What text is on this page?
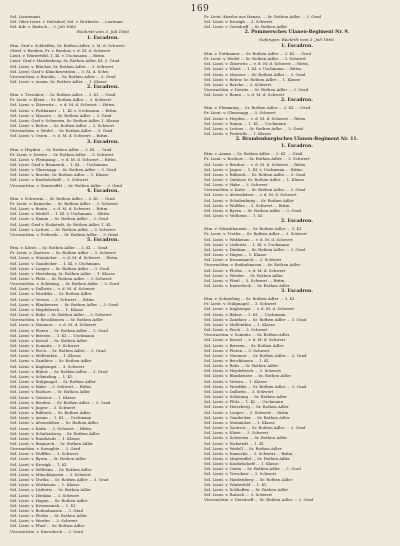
169
Sel. Lieutenant
Sel. Ober-Lieut. v. Dielsdorf, Sel. v. Horkeritz ... Leutnant
Sel. Kdr. v. Ratisch ... 3. Juli 1866
Rückritt vom 3. Juli 1866
1. Escadron.
Rtm. Graf v. Schlieffen, Sr. Rothen Adler. 3. M. d. Schwert.
Oberl. v. Bredow, Pr. v. Bredow, v. d. M. d. Schwert.
Lieut. v. Winterfeld, 1. Kl. v. Uschmann ... Rittm.
Lieut. Graf v. Hardenberg, Sr. Rothen Adler, Kl. 3. Grad
Sel. Lieut. v. Blücher, Sr. Rothen Adler ... 3. Schwert
Sel. Lieut. Graf v. Klinckowström ... 3. M. d. Schw.
Vicewachtm. v. Borcke, ... Sr. Rothen Adler ... 3. Grad
Sel. Lieut. v. Arnim, Sr. Rothen Adler ... 1. Klasse
2. Escadron.
Rtm. v. Tresckow ... Sr. Rothen Adler ... 3. Kl. ... Grad
Pr. Lieut. v. Kleist ... Sr. Rothen Adler ... 3. Schwert
Sel. Lieut. v. Zitzewitz ... v. d. M. d. Schwert ... Rittm.
Sel. Lieut. v. Puttkamer ... 1. Kl. v. Uschmann ... Rittm.
Sel. Lieut. v. Massow ... Sr. Rothen Adler ... 3. Grad
Sel. Lieut. Graf v. Schwerin, Sr. Rothen Adler, 1. Klasse
Sel. Lieut. v. Below ... Sr. Rothen Adler ... 3. Schwert
Vicewachtm. v. Wedel ... Sr. Rothen Adler ... 3. Grad
Sel. Lieut. v. Osten ... v. d. M. d. Schwert ... Rittm.
3. Escadron.
Rtm. v. Heyden ... Sr. Rothen Adler ... 3. Kl. ... Grad
Pr. Lieut. v. Dewitz ... Sr. Rothen Adler ... 3. Schwert
Sel. Lieut. v. Flemming ... v. d. M. d. Schwert ... Rittm.
Sel. Lieut. Graf v. Bismarck ... 1. Kl. ... Uschmann
Sel. Lieut. v. Glasenapp ... Sr. Rothen Adler ... 3. Grad
Sel. Lieut. v. Borcke, Sr. Rothen Adler ... 1. Klasse
Sel. Lieut. v. Knobelsdorff ... 3. Schwert
Vicewachtm. v. Manteuffel ... Sr. Rothen Adler ... 3. Grad
4. Escadron.
Rtm. v. Schwerin ... Sr. Rothen Adler ... 3. Kl. ... Grad
Pr. Lieut. v. Kamecke ... Sr. Rothen Adler ... 3. Schwert
Sel. Lieut. v. Bonin ... v. d. M. d. Schwert ... Rittm.
Sel. Lieut. v. Wedell ... 1. Kl. v. Uschmann ... Rittm.
Sel. Lieut. v. Ramin ... Sr. Rothen Adler ... 3. Grad
Sel. Lieut. Graf v. Eickstedt, Sr. Rothen Adler, 1. Kl.
Sel. Lieut. v. Lettow ... Sr. Rothen Adler ... 3. Schwert
Vicewachtm. v. Podewils ... Sr. Rothen Adler ... 3. Grad
5. Escadron.
Rtm. v. Kleist ... Sr. Rothen Adler ... 3. Kl. ... Grad
Pr. Lieut. v. Zastrow ... Sr. Rothen Adler ... 3. Schwert
Sel. Lieut. v. Steinäcker ... v. d. M. d. Schwert ... Rittm.
Sel. Lieut. v. Gaudecker ... 1. Kl. v. Uschmann
Sel. Lieut. v. Loeper ... Sr. Rothen Adler ... 3. Grad
Sel. Lieut. v. Hertzberg, Sr. Rothen Adler ... 1. Klasse
Sel. Lieut. v. Plötz ... Sr. Rothen Adler ... 3. Schwert
Vicewachtm. v. Schöning ... Sr. Rothen Adler ... 3. Grad
Sel. Lieut. v. Dallwitz ... v. d. M. d. Schwert
Sel. Lieut. v. Woedtke ... Sr. Rothen Adler
Sel. Lieut. v. Versen ... 3. Schwert ... Rittm.
Sel. Lieut. v. Blankensee ... Sr. Rothen Adler ... 3. Grad
Sel. Lieut. v. Heydebreck ... 1. Klasse
Sel. Lieut. v. Rohr ... Sr. Rothen Adler ... 3. Schwert
Vicewachtm. v. Brockhusen ... Sr. Rothen Adler
Sel. Lieut. v. Natzmer ... v. d. M. d. Schwert
Sel. Lieut. v. Platen ... Sr. Rothen Adler ... 3. Grad
Sel. Lieut. v. Briesen ... 1. Kl. ... Uschmann
Sel. Lieut. v. Kessel ... Sr. Rothen Adler
Sel. Lieut. v. Somnitz ... 3. Schwert
Sel. Lieut. v. Pirch ... Sr. Rothen Adler ... 3. Grad
Sel. Lieut. v. Mellenthin ... 1. Klasse
Sel. Lieut. v. Zanthier ... Sr. Rothen Adler
Sel. Lieut. v. Kaphengst ... 3. Schwert
Sel. Lieut. v. Bülow ... Sr. Rothen Adler ... 3. Grad
Sel. Lieut. v. Schmeling ... 1. Kl.
Sel. Lieut. v. Stülpnagel ... Sr. Rothen Adler
Sel. Lieut. v. Hake ... 3. Schwert ... Rittm.
Sel. Lieut. v. Rochow ... Sr. Rothen Adler
Sel. Lieut. v. Quitzow ... 1. Klasse
Sel. Lieut. v. Bredow ... Sr. Rothen Adler ... 3. Grad
Sel. Lieut. v. Jagow ... 3. Schwert
Sel. Lieut. v. Ribbeck ... Sr. Rothen Adler
Sel. Lieut. v. Arnim ... 1. Kl. ... Uschmann
Sel. Lieut. v. Alvensleben ... Sr. Rothen Adler
Sel. Lieut. v. Katte ... 3. Schwert ... Rittm.
Sel. Lieut. v. Schulenburg ... Sr. Rothen Adler
Sel. Lieut. v. Rundstedt ... 1. Klasse
Sel. Lieut. v. Bismarck ... Sr. Rothen Adler
Vicewachtm. v. Itzenplitz ... 3. Grad
Sel. Lieut. v. Wulffen ... 3. Schwert
Sel. Lieut. v. Byern ... Sr. Rothen Adler
Sel. Lieut. v. Krosigk ... 1. Kl.
Sel. Lieut. v. Veltheim ... Sr. Rothen Adler
Sel. Lieut. v. Münchhausen ... 3. Schwert
Sel. Lieut. v. Trotha ... Sr. Rothen Adler ... 3. Grad
Sel. Lieut. v. Wuthenau ... 1. Klasse
Sel. Lieut. v. Lüderitz ... Sr. Rothen Adler
Sel. Lieut. v. Dieskau ... 3. Schwert
Sel. Lieut. v. Hagen ... Sr. Rothen Adler
Sel. Lieut. v. Krusemarck ... 1. Kl.
Sel. Lieut. v. Bodenhausen ... 3. Grad
Sel. Lieut. v. Plotho ... Sr. Rothen Adler
Sel. Lieut. v. Werder ... 3. Schwert
Sel. Lieut. v. Pfuel ... Sr. Rothen Adler
Vicewachtm. v. Knesebeck ... 3. Grad
Pr. Lieut. Kessler aus Hanau, ... Sr. Rothen Adler ... 3. Grad
Sel. Lieut. v. Krosigk ... 3. Schwert
Sel. Lieut. v. Gersdorff ... Sr. Rothen Adler
2. Pommersches Ulanen-Regiment Nr. 9.
Gefangen: Rückritt vom 3. Juli 1866.
1. Escadron.
Rtm. v. Puttkamer ... Sr. Rothen Adler ... 3. Kl. ... Grad
Pr. Lieut. v. Wedel ... Sr. Rothen Adler ... 3. Schwert
Sel. Lieut. v. Zitzewitz ... v. d. M. d. Schwert ... Rittm.
Sel. Lieut. v. Kleist ... 1. Kl. v. Uschmann ... Rittm.
Sel. Lieut. v. Massow ... Sr. Rothen Adler ... 3. Grad
Sel. Lieut. v. Below, Sr. Rothen Adler ... 1. Klasse
Sel. Lieut. v. Borcke ... 3. Schwert
Vicewachtm. v. Dewitz ... Sr. Rothen Adler ... 3. Grad
Sel. Lieut. v. Bonin ... v. d. M. d. Schwert
2. Escadron.
Rtm. v. Flemming ... Sr. Rothen Adler ... 3. Kl. ... Grad
Pr. Lieut. v. Glasenapp ... 3. Schwert
Sel. Lieut. v. Heyden ... v. d. M. d. Schwert ... Rittm.
Sel. Lieut. v. Ramin ... 1. Kl. ... Uschmann
Sel. Lieut. v. Lettow ... Sr. Rothen Adler ... 3. Grad
Sel. Lieut. v. Podewils ... 1. Klasse
2. Brandenburgisches Ulanen-Regiment Nr. 11.
1. Escadron.
Rtm. v. Arnim ... Sr. Rothen Adler ... 3. Kl. ... Grad
Pr. Lieut. v. Rochow ... Sr. Rothen Adler ... 3. Schwert
Sel. Lieut. v. Bredow ... v. d. M. d. Schwert ... Rittm.
Sel. Lieut. v. Jagow ... 1. Kl. v. Uschmann ... Rittm.
Sel. Lieut. v. Ribbeck ... Sr. Rothen Adler ... 3. Grad
Sel. Lieut. v. Quitzow, Sr. Rothen Adler ... 1. Klasse
Sel. Lieut. v. Hake ... 3. Schwert
Vicewachtm. v. Katte ... Sr. Rothen Adler ... 3. Grad
Sel. Lieut. v. Alvensleben ... v. d. M. d. Schwert
Sel. Lieut. v. Schulenburg ... Sr. Rothen Adler
Sel. Lieut. v. Wulffen ... 3. Schwert ... Rittm.
Sel. Lieut. v. Byern ... Sr. Rothen Adler ... 3. Grad
Sel. Lieut. v. Veltheim ... 1. Kl.
2. Escadron.
Rtm. v. Münchhausen ... Sr. Rothen Adler ... 3. Kl.
Pr. Lieut. v. Trotha ... Sr. Rothen Adler ... 3. Schwert
Sel. Lieut. v. Wuthenau ... v. d. M. d. Schwert
Sel. Lieut. v. Lüderitz ... 1. Kl. v. Uschmann
Sel. Lieut. v. Dieskau ... Sr. Rothen Adler ... 3. Grad
Sel. Lieut. v. Hagen ... 1. Klasse
Sel. Lieut. v. Krusemarck ... 3. Schwert
Vicewachtm. v. Bodenhausen ... Sr. Rothen Adler
Sel. Lieut. v. Plotho ... v. d. M. d. Schwert
Sel. Lieut. v. Werder ... Sr. Rothen Adler
Sel. Lieut. v. Pfuel ... 3. Schwert ... Rittm.
Sel. Lieut. v. Knesebeck ... Sr. Rothen Adler
3. Escadron.
Rtm. v. Schmeling ... Sr. Rothen Adler ... 3. Kl.
Pr. Lieut. v. Stülpnagel ... 3. Schwert
Sel. Lieut. v. Kaphengst ... v. d. M. d. Schwert
Sel. Lieut. v. Bülow ... 1. Kl. ... Uschmann
Sel. Lieut. v. Zanthier ... Sr. Rothen Adler ... 3. Grad
Sel. Lieut. v. Mellenthin ... 1. Klasse
Sel. Lieut. v. Pirch ... 3. Schwert
Vicewachtm. v. Somnitz ... Sr. Rothen Adler
Sel. Lieut. v. Kessel ... v. d. M. d. Schwert
Sel. Lieut. v. Briesen ... Sr. Rothen Adler
Sel. Lieut. v. Platen ... 3. Schwert
Sel. Lieut. v. Natzmer ... Sr. Rothen Adler ... 3. Grad
Sel. Lieut. v. Brockhusen ... 1. Kl.
Sel. Lieut. v. Rohr ... Sr. Rothen Adler
Sel. Lieut. v. Heydebreck ... 3. Schwert
Sel. Lieut. v. Blankensee ... Sr. Rothen Adler
Sel. Lieut. v. Versen ... 1. Klasse
Sel. Lieut. v. Woedtke ... Sr. Rothen Adler ... 3. Grad
Sel. Lieut. v. Dallwitz ... 3. Schwert
Sel. Lieut. v. Schöning ... Sr. Rothen Adler
Sel. Lieut. v. Plötz ... 1. Kl. ... Uschmann
Sel. Lieut. v. Hertzberg ... Sr. Rothen Adler
Sel. Lieut. v. Loeper ... 3. Schwert ... Rittm.
Sel. Lieut. v. Gaudecker ... Sr. Rothen Adler
Sel. Lieut. v. Steinäcker ... 1. Klasse
Sel. Lieut. v. Zastrow ... Sr. Rothen Adler ... 3. Grad
Sel. Lieut. v. Kleist ... 3. Schwert
Sel. Lieut. v. Schwerin ... Sr. Rothen Adler
Sel. Lieut. v. Eickstedt ... 1. Kl.
Sel. Lieut. v. Wedell ... Sr. Rothen Adler
Sel. Lieut. v. Kamecke ... 3. Schwert ... Rittm.
Sel. Lieut. v. Manteuffel ... Sr. Rothen Adler
Sel. Lieut. v. Knobelsdorff ... 1. Klasse
Sel. Lieut. v. Osten ... Sr. Rothen Adler ... 3. Grad
Sel. Lieut. v. Tresckow ... 3. Schwert
Sel. Lieut. v. Hardenberg ... Sr. Rothen Adler
Sel. Lieut. v. Winterfeld ... 1. Kl.
Sel. Lieut. v. Schlieffen ... Sr. Rothen Adler
Sel. Lieut. v. Ratisch ... 3. Schwert
Vicewachtm. v. Gersdorff ... Sr. Rothen Adler ... 3. Grad
